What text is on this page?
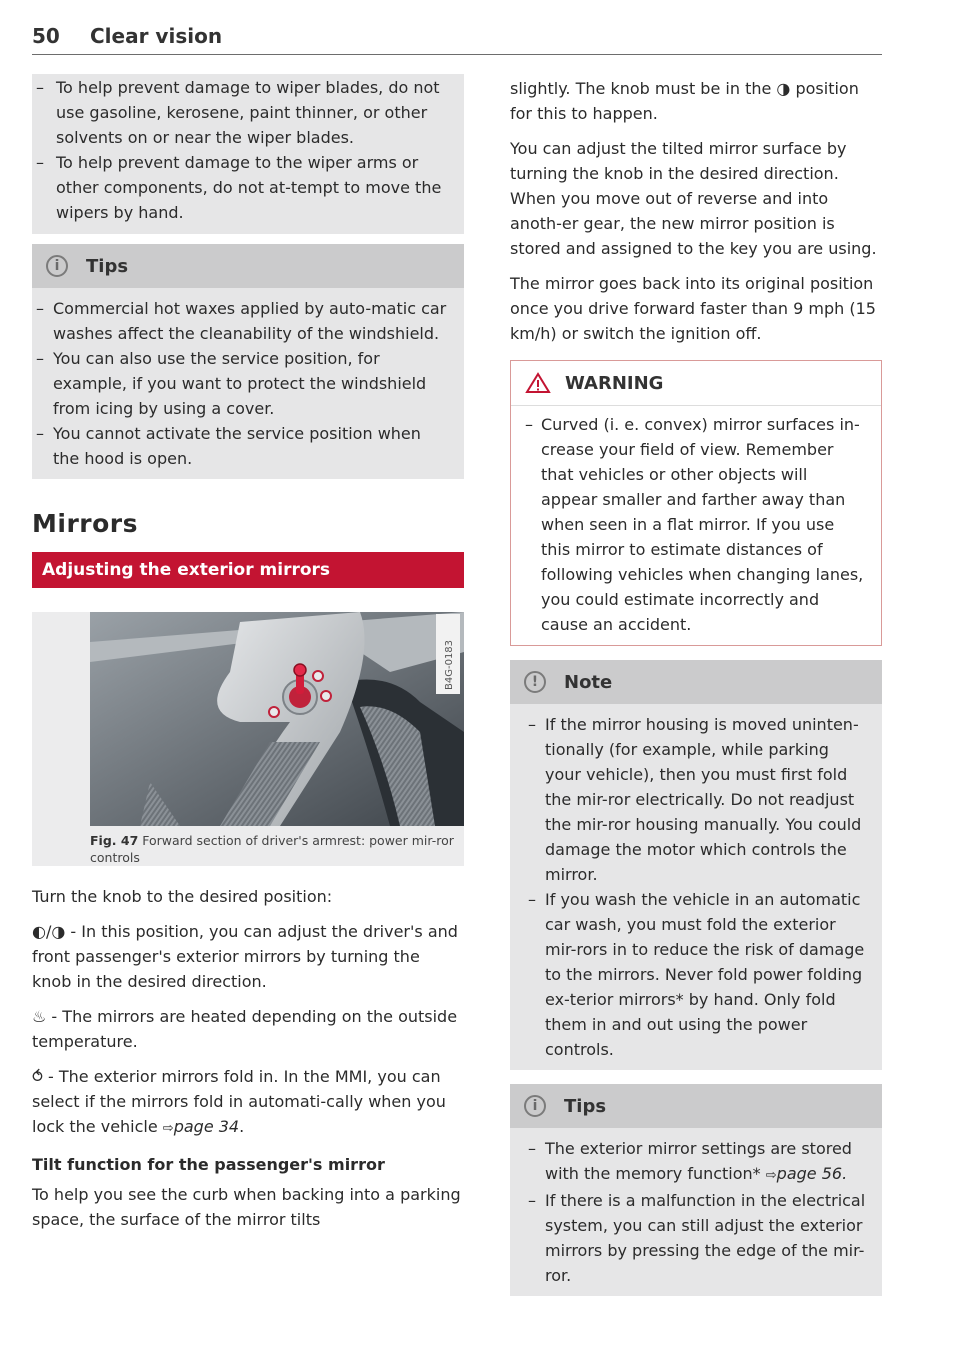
50 Clear vision
– To help prevent damage to wiper blades, do not use gasoline, kerosene, paint thinner, or other solvents on or near the wiper blades.
– To help prevent damage to the wiper arms or other components, do not at-tempt to move the wipers by hand.
i	Tips
– Commercial hot waxes applied by auto-matic car washes affect the cleanability of the windshield.
– You can also use the service position, for example, if you want to protect the windshield from icing by using a cover.
– You cannot activate the service position when the hood is open.
Mirrors
Adjusting the exterior mirrors
B4G-0183
Fig. 47 Forward section of driver's armrest: power mir-ror controls

Turn the knob to the desired position:

◐/◑ - In this position, you can adjust the driver's and front passenger's exterior mirrors by turning the knob in the desired direction.

♨ - The mirrors are heated depending on the outside temperature.

⥀ - The exterior mirrors fold in. In the MMI, you can select if the mirrors fold in automati-cally when you lock the vehicle ⇨page 34.

Tilt function for the passenger's mirror

To help you see the curb when backing into a parking space, the surface of the mirror tilts

slightly. The knob must be in the ◑ position for this to happen.

You can adjust the tilted mirror surface by turning the knob in the desired direction. When you move out of reverse and into anoth-er gear, the new mirror position is stored and assigned to the key you are using.

The mirror goes back into its original position once you drive forward faster than 9 mph (15 km/h) or switch the ignition off.

WARNING
– Curved (i. e. convex) mirror surfaces in-crease your field of view. Remember that vehicles or other objects will appear smaller and farther away than when seen in a flat mirror. If you use this mirror to estimate distances of following vehicles when changing lanes, you could estimate incorrectly and cause an accident.
!	Note
– If the mirror housing is moved uninten-tionally (for example, while parking your vehicle), then you must first fold the mir-ror electrically. Do not readjust the mir-ror housing manually. You could damage the motor which controls the mirror.
– If you wash the vehicle in an automatic car wash, you must fold the exterior mir-rors in to reduce the risk of damage to the mirrors. Never fold power folding ex-terior mirrors* by hand. Only fold them in and out using the power controls.
i	Tips
– The exterior mirror settings are stored with the memory function* ⇨page 56.
– If there is a malfunction in the electrical system, you can still adjust the exterior mirrors by pressing the edge of the mir-ror.
